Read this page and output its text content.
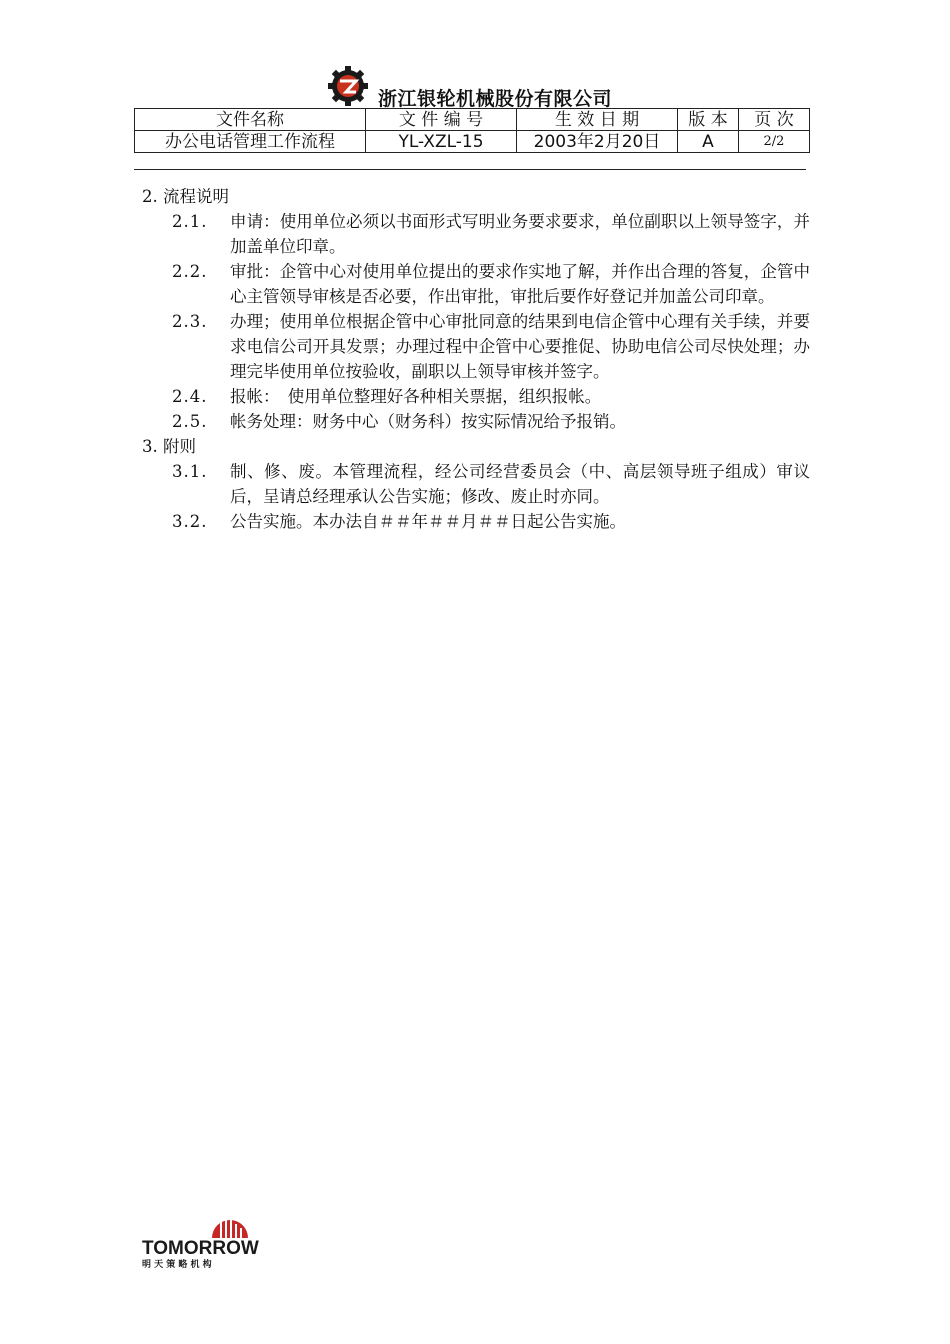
浙江银轮机械股份有限公司
文件名称	文 件 编 号	生 效 日 期	版 本	页 次
办公电话管理工作流程	YL-XZL-15	2003年2月20日	A	2/2

2. 流程说明

2.1.	申请：使用单位必须以书面形式写明业务要求要求，单位副职以上领导签字，并加盖单位印章。
2.2.	审批：企管中心对使用单位提出的要求作实地了解，并作出合理的答复，企管中心主管领导审核是否必要，作出审批，审批后要作好登记并加盖公司印章。
2.3.	办理；使用单位根据企管中心审批同意的结果到电信企管中心理有关手续，并要求电信公司开具发票；办理过程中企管中心要推促、协助电信公司尽快处理；办理完毕使用单位按验收，副职以上领导审核并签字。
2.4.	报帐：　使用单位整理好各种相关票据，组织报帐。
2.5.	帐务处理：财务中心（财务科）按实际情况给予报销。

3. 附则

3.1.	制、修、废。本管理流程，经公司经营委员会（中、高层领导班子组成）审议后，呈请总经理承认公告实施；修改、废止时亦同。
3.2.	公告实施。本办法自＃＃年＃＃月＃＃日起公告实施。
TOMORROW
明 天 策 略 机 构
